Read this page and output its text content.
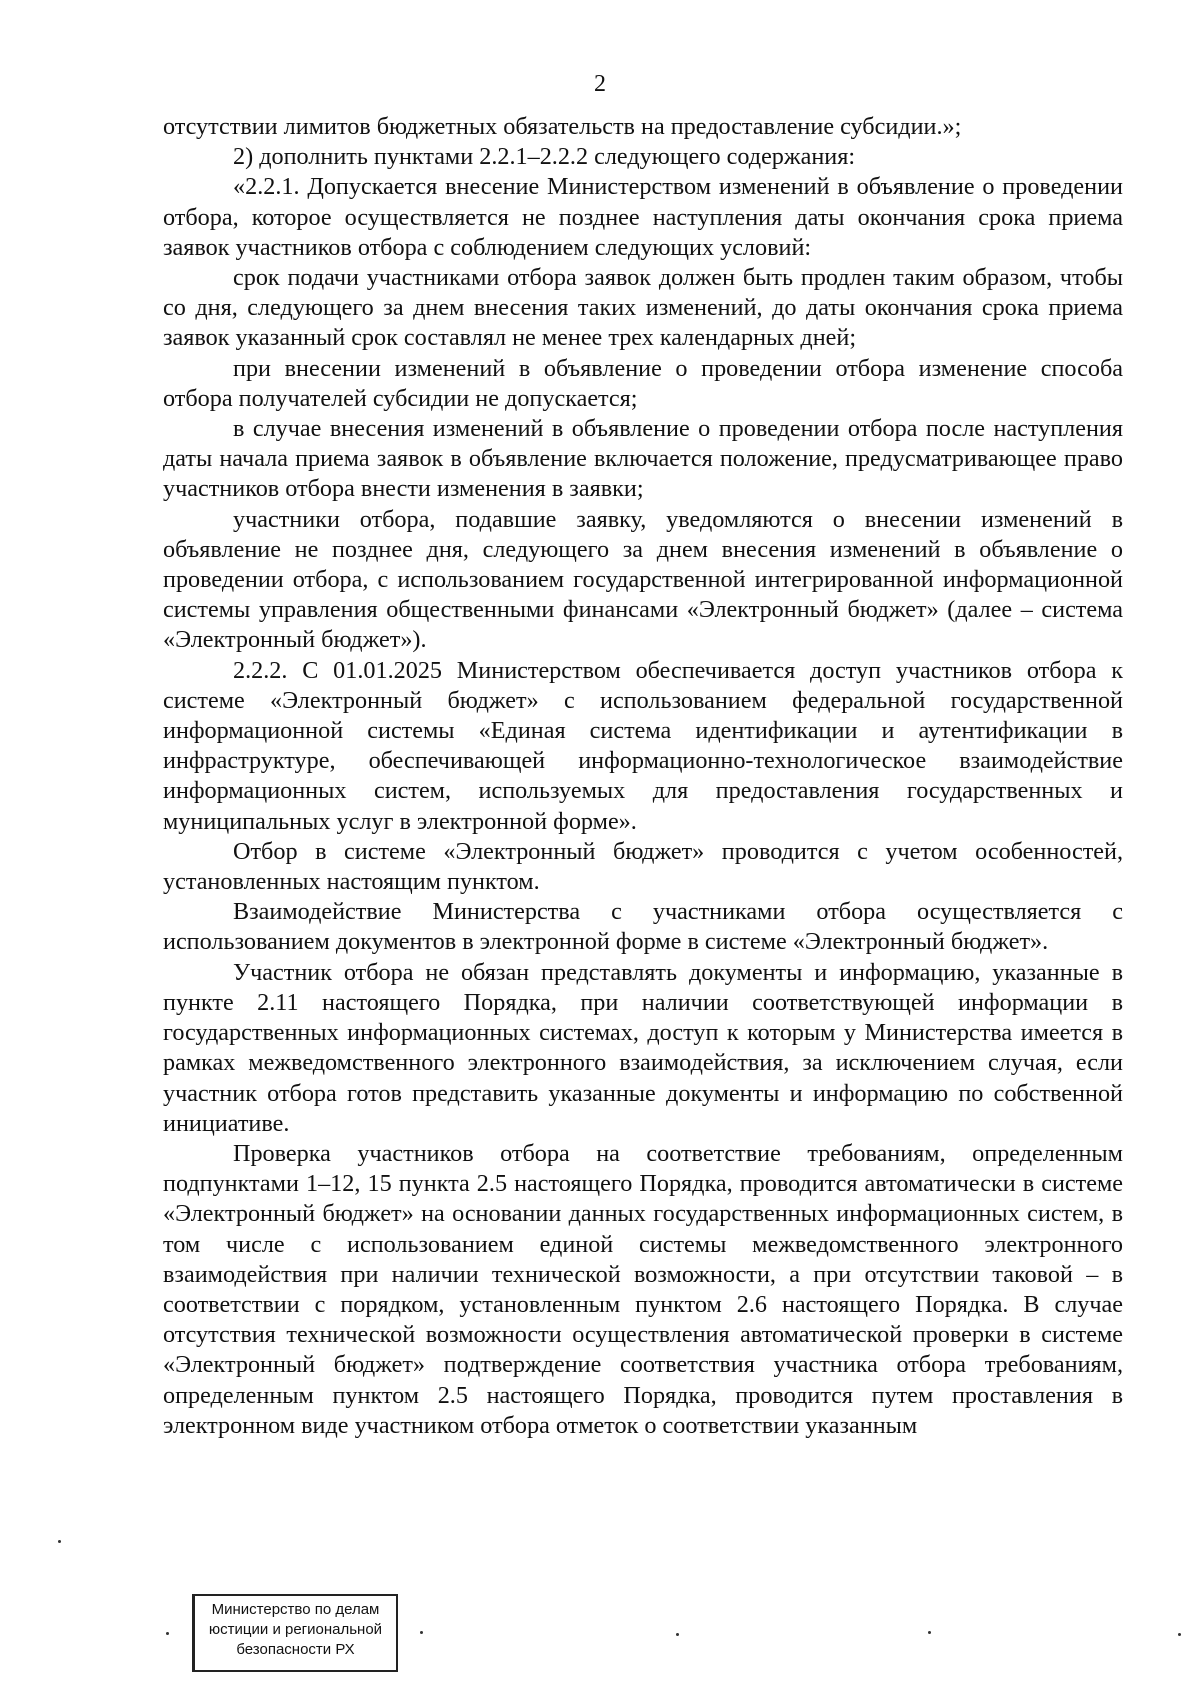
2

отсутствии лимитов бюджетных обязательств на предоставление субсидии.»;

2) дополнить пунктами 2.2.1–2.2.2 следующего содержания:

«2.2.1. Допускается внесение Министерством изменений в объявление о проведении отбора, которое осуществляется не позднее наступления даты окончания срока приема заявок участников отбора с соблюдением следующих условий:

срок подачи участниками отбора заявок должен быть продлен таким образом, чтобы со дня, следующего за днем внесения таких изменений, до даты окончания срока приема заявок указанный срок составлял не менее трех календарных дней;

при внесении изменений в объявление о проведении отбора изменение способа отбора получателей субсидии не допускается;

в случае внесения изменений в объявление о проведении отбора после наступления даты начала приема заявок в объявление включается положение, предусматривающее право участников отбора внести изменения в заявки;

участники отбора, подавшие заявку, уведомляются о внесении изменений в объявление не позднее дня, следующего за днем внесения изменений в объявление о проведении отбора, с использованием государственной интегрированной информационной системы управления общественными финансами «Электронный бюджет» (далее – система «Электронный бюджет»).

2.2.2. С 01.01.2025 Министерством обеспечивается доступ участников отбора к системе «Электронный бюджет» с использованием федеральной государственной информационной системы «Единая система идентификации и аутентификации в инфраструктуре, обеспечивающей информационно-технологическое взаимодействие информационных систем, используемых для предоставления государственных и муниципальных услуг в электронной форме».

Отбор в системе «Электронный бюджет» проводится с учетом особенностей, установленных настоящим пунктом.

Взаимодействие Министерства с участниками отбора осуществляется с использованием документов в электронной форме в системе «Электронный бюджет».

Участник отбора не обязан представлять документы и информацию, указанные в пункте 2.11 настоящего Порядка, при наличии соответствующей информации в государственных информационных системах, доступ к которым у Министерства имеется в рамках межведомственного электронного взаимодействия, за исключением случая, если участник отбора готов представить указанные документы и информацию по собственной инициативе.

Проверка участников отбора на соответствие требованиям, определенным подпунктами 1–12, 15 пункта 2.5 настоящего Порядка, проводится автоматически в системе «Электронный бюджет» на основании данных государственных информационных систем, в том числе с использованием единой системы межведомственного электронного взаимодействия при наличии технической возможности, а при отсутствии таковой – в соответствии с порядком, установленным пунктом 2.6 настоящего Порядка. В случае отсутствия технической возможности осуществления автоматической проверки в системе «Электронный бюджет» подтверждение соответствия участника отбора требованиям, определенным пунктом 2.5 настоящего Порядка, проводится путем проставления в электронном виде участником отбора отметок о соответствии указанным

Министерство по делам
юстиции и региональной
безопасности РХ
